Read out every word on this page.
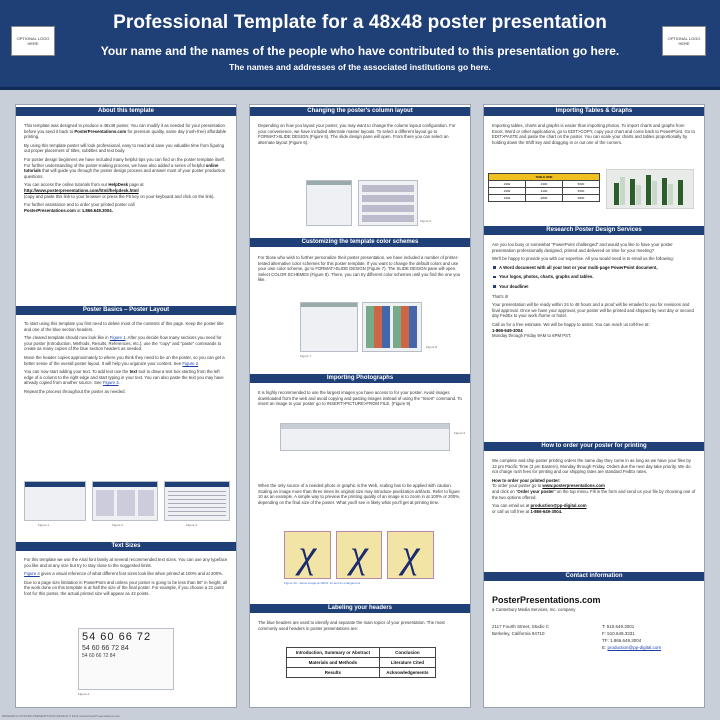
OPTIONAL LOGO HERE
Professional Template for a 48x48 poster presentation
Your name and the names of the people who have contributed to this presentation go here.
The names and addresses of the associated institutions go here.
OPTIONAL LOGO HERE
About this template

This template was designed to produce a 48x48 poster. You can modify it as needed for your presentation before you send it back to PosterPresentations.com for premium quality, same day (rush-free) affordable printing.

By using this template poster will look professional, easy to read and save you valuable time from figuring out proper placement of titles, subtitles and text body.

For poster design beginners we have included many helpful tips you can find on the poster template itself. For further understanding of the poster-making process, we have also added a series of helpful online tutorials that will guide you through the poster design process and answer most of your poster production questions.

You can access the online tutorials from our HelpDesk page at
http://www.posterpresentations.com/html/helpdesk.html
(copy and paste this link to your browser or press the F5 key on your keyboard and click on the link).

For further assistance and to order your printed poster call
PosterPresentations.com at 1.866.649.3004.

Poster Basics – Poster Layout

To start using this template you first need to delete most of the contents of this page. Keep the poster title and one of the blue section headers.

The cleared template should now look like in Figure 1. After you decide how many sections you need for your poster (Introduction, Methods, Results, References, etc.), use the "copy" and "paste" commands to create as many copies of the blue section headers as needed.

Move the header copies approximately to where you think they need to be on the poster, so you can get a better sense of the overall poster layout. It will help you organize your content. See Figure 2.

You can now start adding your text. To add text use the text tool to draw a text box starting from the left edge of a column to the right edge and start typing in your text. You can also paste the text you may have already copied from another source. See Figure 3.

Repeat the process throughout the poster as needed.

Figure 1	Figure 2	Figure 3
Text Sizes

For this template we use the Arial font family at several recommended text sizes. You can use any typeface you like and at any size but try to stay close to the suggested limits.

Figure 4 gives a visual reference of what different font sizes look like when printed at 100% and at 200%.

Due to a page size limitation in PowerPoint and unless your poster is going to be less than 56" in height, all the work done on this template is at half the size of the final poster. For example, if you choose a 21 point font for this poster, the actual printed size will appear as 42 points.

54 60 66 72
54 60 66 72 84
54 60 66 72 84
Figure 4
Changing the poster's column layout
Depending on how you layout your poster, you may want to change the column layout configuration. For your convenience, we have included alternate master layouts. To select a different layout go to FORMAT>SLIDE DESIGN (Figure 5). The slide design pane will open. From there you can select an alternate layout (Figure 6).
Figure 6
Customizing the template color schemes
For those who wish to further personalize their poster presentation, we have included a number of printer-tested alternative color schemes for this poster template. If you want to change the default colors and use your own color scheme, go to FORMAT>SLIDE DESIGN (Figure 7). The SLIDE DESIGN pane will open. Select COLOR SCHEMES (Figure 8). There, you can try different color schemes until you find the one you like.
Figure 7
Figure 8
Importing Photographs
It is highly recommended to use the largest images you have access to for your poster. Avoid images downloaded from the web and avoid copying and pasting images instead of using the "Insert" command. To insert an image to your poster go to INSERT>PICTURE>FROM FILE. (Figure 9)
Figure 9
When the only source of a needed photo or graphic is the Web, scaling has to be applied with caution. Scaling an image more than three times its original size may introduce pixelization artifacts. Refer to figure 10 as an example. A simple way to preview the printing quality of an image is to zoom in at 100% or 200%, depending on the final size of the poster. What you'll see is likely what you'll get at printing time.
χ χ χ
Figure 10 - Same image at 100%, 3x and 4x enlargement
Labeling your headers
The blue headers are used to identify and separate the main topics of your presentation. The most commonly used headers in poster presentations are:
Introduction, Summary or Abstract	Conclusion
Materials and Methods	Literature Cited
Results	Acknowledgements
Importing Tables & Graphs
Importing tables, charts and graphs is easier than importing photos. To import charts and graphs from Excel, Word or other applications, go to EDIT>COPY, copy your chart and come back to PowerPoint. Go to EDIT>PASTE and paste the chart on the poster. You can scale your charts and tables proportionally by holding down the Shift key and dragging in or out one of the corners.
TABLE ONE		
1992	2300	5000
1993	3100	4500
1994	2800	4800
Research Poster Design Services

Are you too busy or somewhat "PowerPoint challenged" and would you like to have your poster presentation professionally designed, printed and delivered on time for your meeting?

We'll be happy to provide you with our expertise. All you would need is to email us the following:

A Word document with all your text or your multi-page PowerPoint document,
Your logos, photos, charts, graphs and tables.
Your deadline!

That's it!

Your presentation will be ready within 24 to 48 hours and a proof will be emailed to you for revisions and final approval. Once we have your approval, your poster will be printed and shipped by next day or second day FedEx to your work /home or hotel.

Call us for a free estimate. We will be happy to assist. You can reach us toll-free at:
1-866-649-3004
Monday through Friday 9AM to 6PM PST.

How to order your poster for printing

We complete and ship poster printing orders the same day they come in as long as we have your files by 12 pm Pacific Time (3 pm Eastern), Monday through Friday. Orders due the next day take priority. We do not charge rush fees for printing and our shipping rates are standard FedEx rates.

How to order your printed poster:
To order your poster go to www.posterpresentations.com
and click on "Order your poster" on the top menu. Fill in the form and send us your file by choosing one of the two options offered.

You can email us at production@pp-digital.com
or call us toll free at 1-866-649-3004.

Contact information
PosterPresentations.com
a Canterbury Media Services, Inc. company
2117 Fourth Street, Studio C
Berkeley, California 94710
T: 510.649.3001
F: 510.649.3331
TF: 1.866.649.3004
E: production@pp-digital.com
RESEARCH POSTER PRESENTATION DESIGN © 2012 www.PosterPresentations.com
